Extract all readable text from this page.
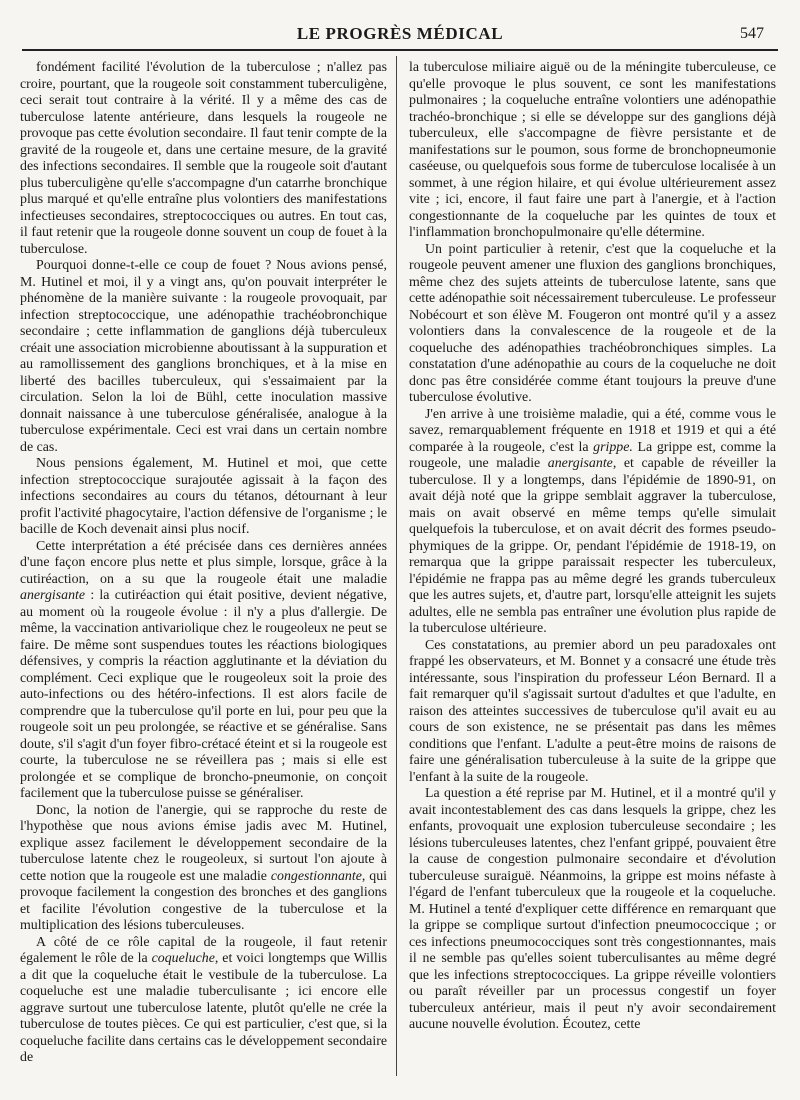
LE PROGRÈS MÉDICAL	547

fondément facilité l'évolution de la tuberculose ; n'allez pas croire, pourtant, que la rougeole soit constamment tuberculigène, ceci serait tout contraire à la vérité. Il y a même des cas de tuberculose latente antérieure, dans lesquels la rougeole ne provoque pas cette évolution secondaire. Il faut tenir compte de la gravité de la rougeole et, dans une certaine mesure, de la gravité des infections secondaires. Il semble que la rougeole soit d'autant plus tuberculigène qu'elle s'accompagne d'un catarrhe bronchique plus marqué et qu'elle entraîne plus volontiers des manifestations infectieuses secondaires, streptococciques ou autres. En tout cas, il faut retenir que la rougeole donne souvent un coup de fouet à la tuberculose.

Pourquoi donne-t-elle ce coup de fouet ? Nous avions pensé, M. Hutinel et moi, il y a vingt ans, qu'on pouvait interpréter le phénomène de la manière suivante : la rougeole provoquait, par infection streptococcique, une adénopathie trachéobronchique secondaire ; cette inflammation de ganglions déjà tuberculeux créait une association microbienne aboutissant à la suppuration et au ramollissement des ganglions bronchiques, et à la mise en liberté des bacilles tuberculeux, qui s'essaimaient par la circulation. Selon la loi de Bühl, cette inoculation massive donnait naissance à une tuberculose généralisée, analogue à la tuberculose expérimentale. Ceci est vrai dans un certain nombre de cas.

Nous pensions également, M. Hutinel et moi, que cette infection streptococcique surajoutée agissait à la façon des infections secondaires au cours du tétanos, détournant à leur profit l'activité phagocytaire, l'action défensive de l'organisme ; le bacille de Koch devenait ainsi plus nocif.

Cette interprétation a été précisée dans ces dernières années d'une façon encore plus nette et plus simple, lorsque, grâce à la cutiréaction, on a su que la rougeole était une maladie anergisante : la cutiréaction qui était positive, devient négative, au moment où la rougeole évolue : il n'y a plus d'allergie. De même, la vaccination antivariolique chez le rougeoleux ne peut se faire. De même sont suspendues toutes les réactions biologiques défensives, y compris la réaction agglutinante et la déviation du complément. Ceci explique que le rougeoleux soit la proie des auto-infections ou des hétéro-infections. Il est alors facile de comprendre que la tuberculose qu'il porte en lui, pour peu que la rougeole soit un peu prolongée, se réactive et se généralise. Sans doute, s'il s'agit d'un foyer fibro-crétacé éteint et si la rougeole est courte, la tuberculose ne se réveillera pas ; mais si elle est prolongée et se complique de broncho-pneumonie, on conçoit facilement que la tuberculose puisse se généraliser.

Donc, la notion de l'anergie, qui se rapproche du reste de l'hypothèse que nous avions émise jadis avec M. Hutinel, explique assez facilement le développement secondaire de la tuberculose latente chez le rougeoleux, si surtout l'on ajoute à cette notion que la rougeole est une maladie congestionnante, qui provoque facilement la congestion des bronches et des ganglions et facilite l'évolution congestive de la tuberculose et la multiplication des lésions tuberculeuses.

A côté de ce rôle capital de la rougeole, il faut retenir également le rôle de la coqueluche, et voici longtemps que Willis a dit que la coqueluche était le vestibule de la tuberculose. La coqueluche est une maladie tuberculisante ; ici encore elle aggrave surtout une tuberculose latente, plutôt qu'elle ne crée la tuberculose de toutes pièces. Ce qui est particulier, c'est que, si la coqueluche facilite dans certains cas le développement secondaire de

la tuberculose miliaire aiguë ou de la méningite tuberculeuse, ce qu'elle provoque le plus souvent, ce sont les manifestations pulmonaires ; la coqueluche entraîne volontiers une adénopathie trachéo-bronchique ; si elle se développe sur des ganglions déjà tuberculeux, elle s'accompagne de fièvre persistante et de manifestations sur le poumon, sous forme de bronchopneumonie caséeuse, ou quelquefois sous forme de tuberculose localisée à un sommet, à une région hilaire, et qui évolue ultérieurement assez vite ; ici, encore, il faut faire une part à l'anergie, et à l'action congestionnante de la coqueluche par les quintes de toux et l'inflammation bronchopulmonaire qu'elle détermine.

Un point particulier à retenir, c'est que la coqueluche et la rougeole peuvent amener une fluxion des ganglions bronchiques, même chez des sujets atteints de tuberculose latente, sans que cette adénopathie soit nécessairement tuberculeuse. Le professeur Nobécourt et son élève M. Fougeron ont montré qu'il y a assez volontiers dans la convalescence de la rougeole et de la coqueluche des adénopathies trachéobronchiques simples. La constatation d'une adénopathie au cours de la coqueluche ne doit donc pas être considérée comme étant toujours la preuve d'une tuberculose évolutive.

J'en arrive à une troisième maladie, qui a été, comme vous le savez, remarquablement fréquente en 1918 et 1919 et qui a été comparée à la rougeole, c'est la grippe. La grippe est, comme la rougeole, une maladie anergisante, et capable de réveiller la tuberculose. Il y a longtemps, dans l'épidémie de 1890-91, on avait déjà noté que la grippe semblait aggraver la tuberculose, mais on avait observé en même temps qu'elle simulait quelquefois la tuberculose, et on avait décrit des formes pseudo-phymiques de la grippe. Or, pendant l'épidémie de 1918-19, on remarqua que la grippe paraissait respecter les tuberculeux, l'épidémie ne frappa pas au même degré les grands tuberculeux que les autres sujets, et, d'autre part, lorsqu'elle atteignit les sujets adultes, elle ne sembla pas entraîner une évolution plus rapide de la tuberculose ultérieure.

Ces constatations, au premier abord un peu paradoxales ont frappé les observateurs, et M. Bonnet y a consacré une étude très intéressante, sous l'inspiration du professeur Léon Bernard. Il a fait remarquer qu'il s'agissait surtout d'adultes et que l'adulte, en raison des atteintes successives de tuberculose qu'il avait eu au cours de son existence, ne se présentait pas dans les mêmes conditions que l'enfant. L'adulte a peut-être moins de raisons de faire une généralisation tuberculeuse à la suite de la grippe que l'enfant à la suite de la rougeole.

La question a été reprise par M. Hutinel, et il a montré qu'il y avait incontestablement des cas dans lesquels la grippe, chez les enfants, provoquait une explosion tuberculeuse secondaire ; les lésions tuberculeuses latentes, chez l'enfant grippé, pouvaient être la cause de congestion pulmonaire secondaire et d'évolution tuberculeuse suraiguë. Néanmoins, la grippe est moins néfaste à l'égard de l'enfant tuberculeux que la rougeole et la coqueluche. M. Hutinel a tenté d'expliquer cette différence en remarquant que la grippe se complique surtout d'infection pneumococcique ; or ces infections pneumococciques sont très congestionnantes, mais il ne semble pas qu'elles soient tuberculisantes au même degré que les infections streptococciques. La grippe réveille volontiers ou paraît réveiller par un processus congestif un foyer tuberculeux antérieur, mais il peut n'y avoir secondairement aucune nouvelle évolution. Écoutez, cette
